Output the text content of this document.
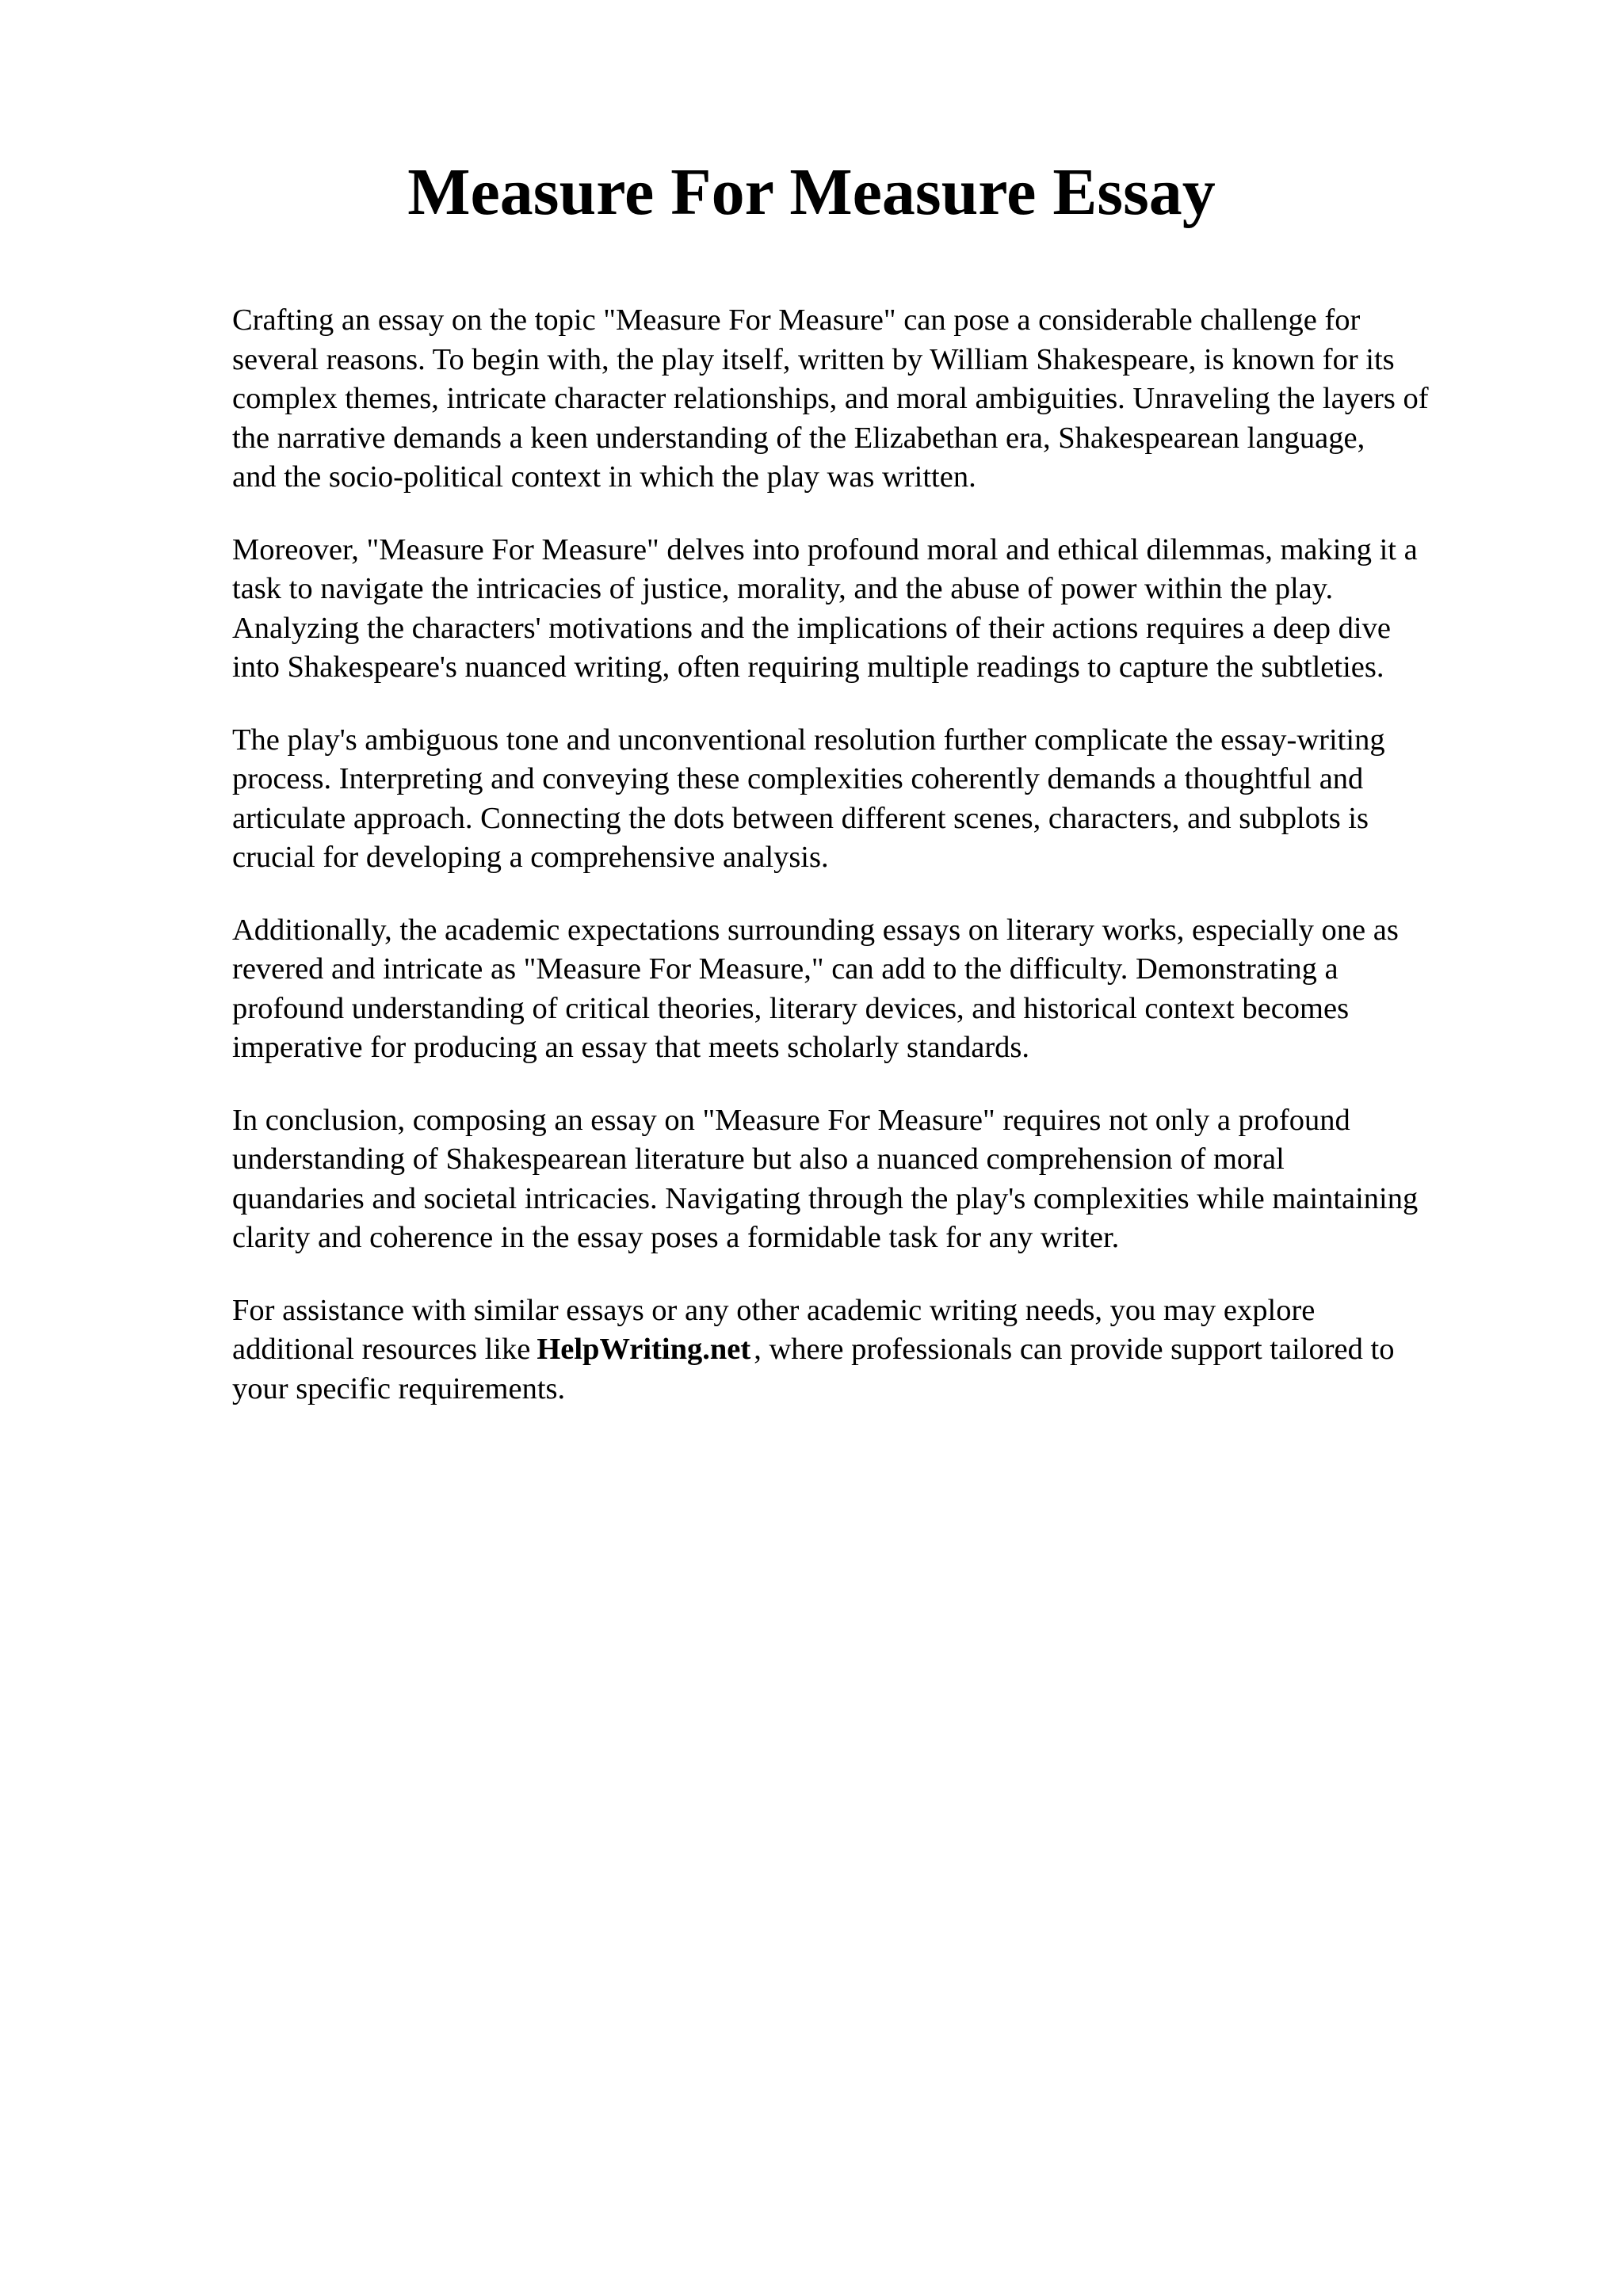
Measure For Measure Essay

Crafting an essay on the topic "Measure For Measure" can pose a considerable challenge for
several reasons. To begin with, the play itself, written by William Shakespeare, is known for its
complex themes, intricate character relationships, and moral ambiguities. Unraveling the layers of
the narrative demands a keen understanding of the Elizabethan era, Shakespearean language,
and the socio-political context in which the play was written.

Moreover, "Measure For Measure" delves into profound moral and ethical dilemmas, making it a
task to navigate the intricacies of justice, morality, and the abuse of power within the play.
Analyzing the characters' motivations and the implications of their actions requires a deep dive
into Shakespeare's nuanced writing, often requiring multiple readings to capture the subtleties.

The play's ambiguous tone and unconventional resolution further complicate the essay-writing
process. Interpreting and conveying these complexities coherently demands a thoughtful and
articulate approach. Connecting the dots between different scenes, characters, and subplots is
crucial for developing a comprehensive analysis.

Additionally, the academic expectations surrounding essays on literary works, especially one as
revered and intricate as "Measure For Measure," can add to the difficulty. Demonstrating a
profound understanding of critical theories, literary devices, and historical context becomes
imperative for producing an essay that meets scholarly standards.

In conclusion, composing an essay on "Measure For Measure" requires not only a profound
understanding of Shakespearean literature but also a nuanced comprehension of moral
quandaries and societal intricacies. Navigating through the play's complexities while maintaining
clarity and coherence in the essay poses a formidable task for any writer.

For assistance with similar essays or any other academic writing needs, you may explore
additional resources like HelpWriting.net , where professionals can provide support tailored to
your specific requirements.
